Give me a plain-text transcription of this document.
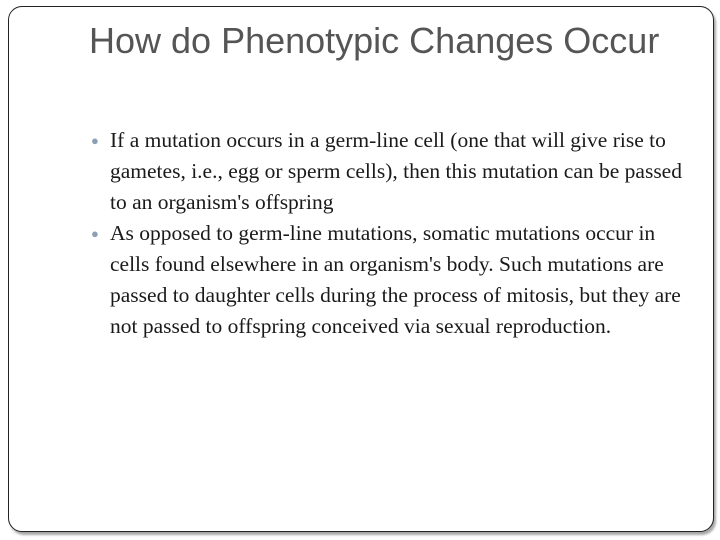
How do Phenotypic Changes Occur
● If a mutation occurs in a germ-line cell (one that will give rise to gametes, i.e., egg or sperm cells), then this mutation can be passed to an organism's offspring
● As opposed to germ-line mutations, somatic mutations occur in cells found elsewhere in an organism's body. Such mutations are passed to daughter cells during the process of mitosis, but they are not passed to offspring conceived via sexual reproduction.
